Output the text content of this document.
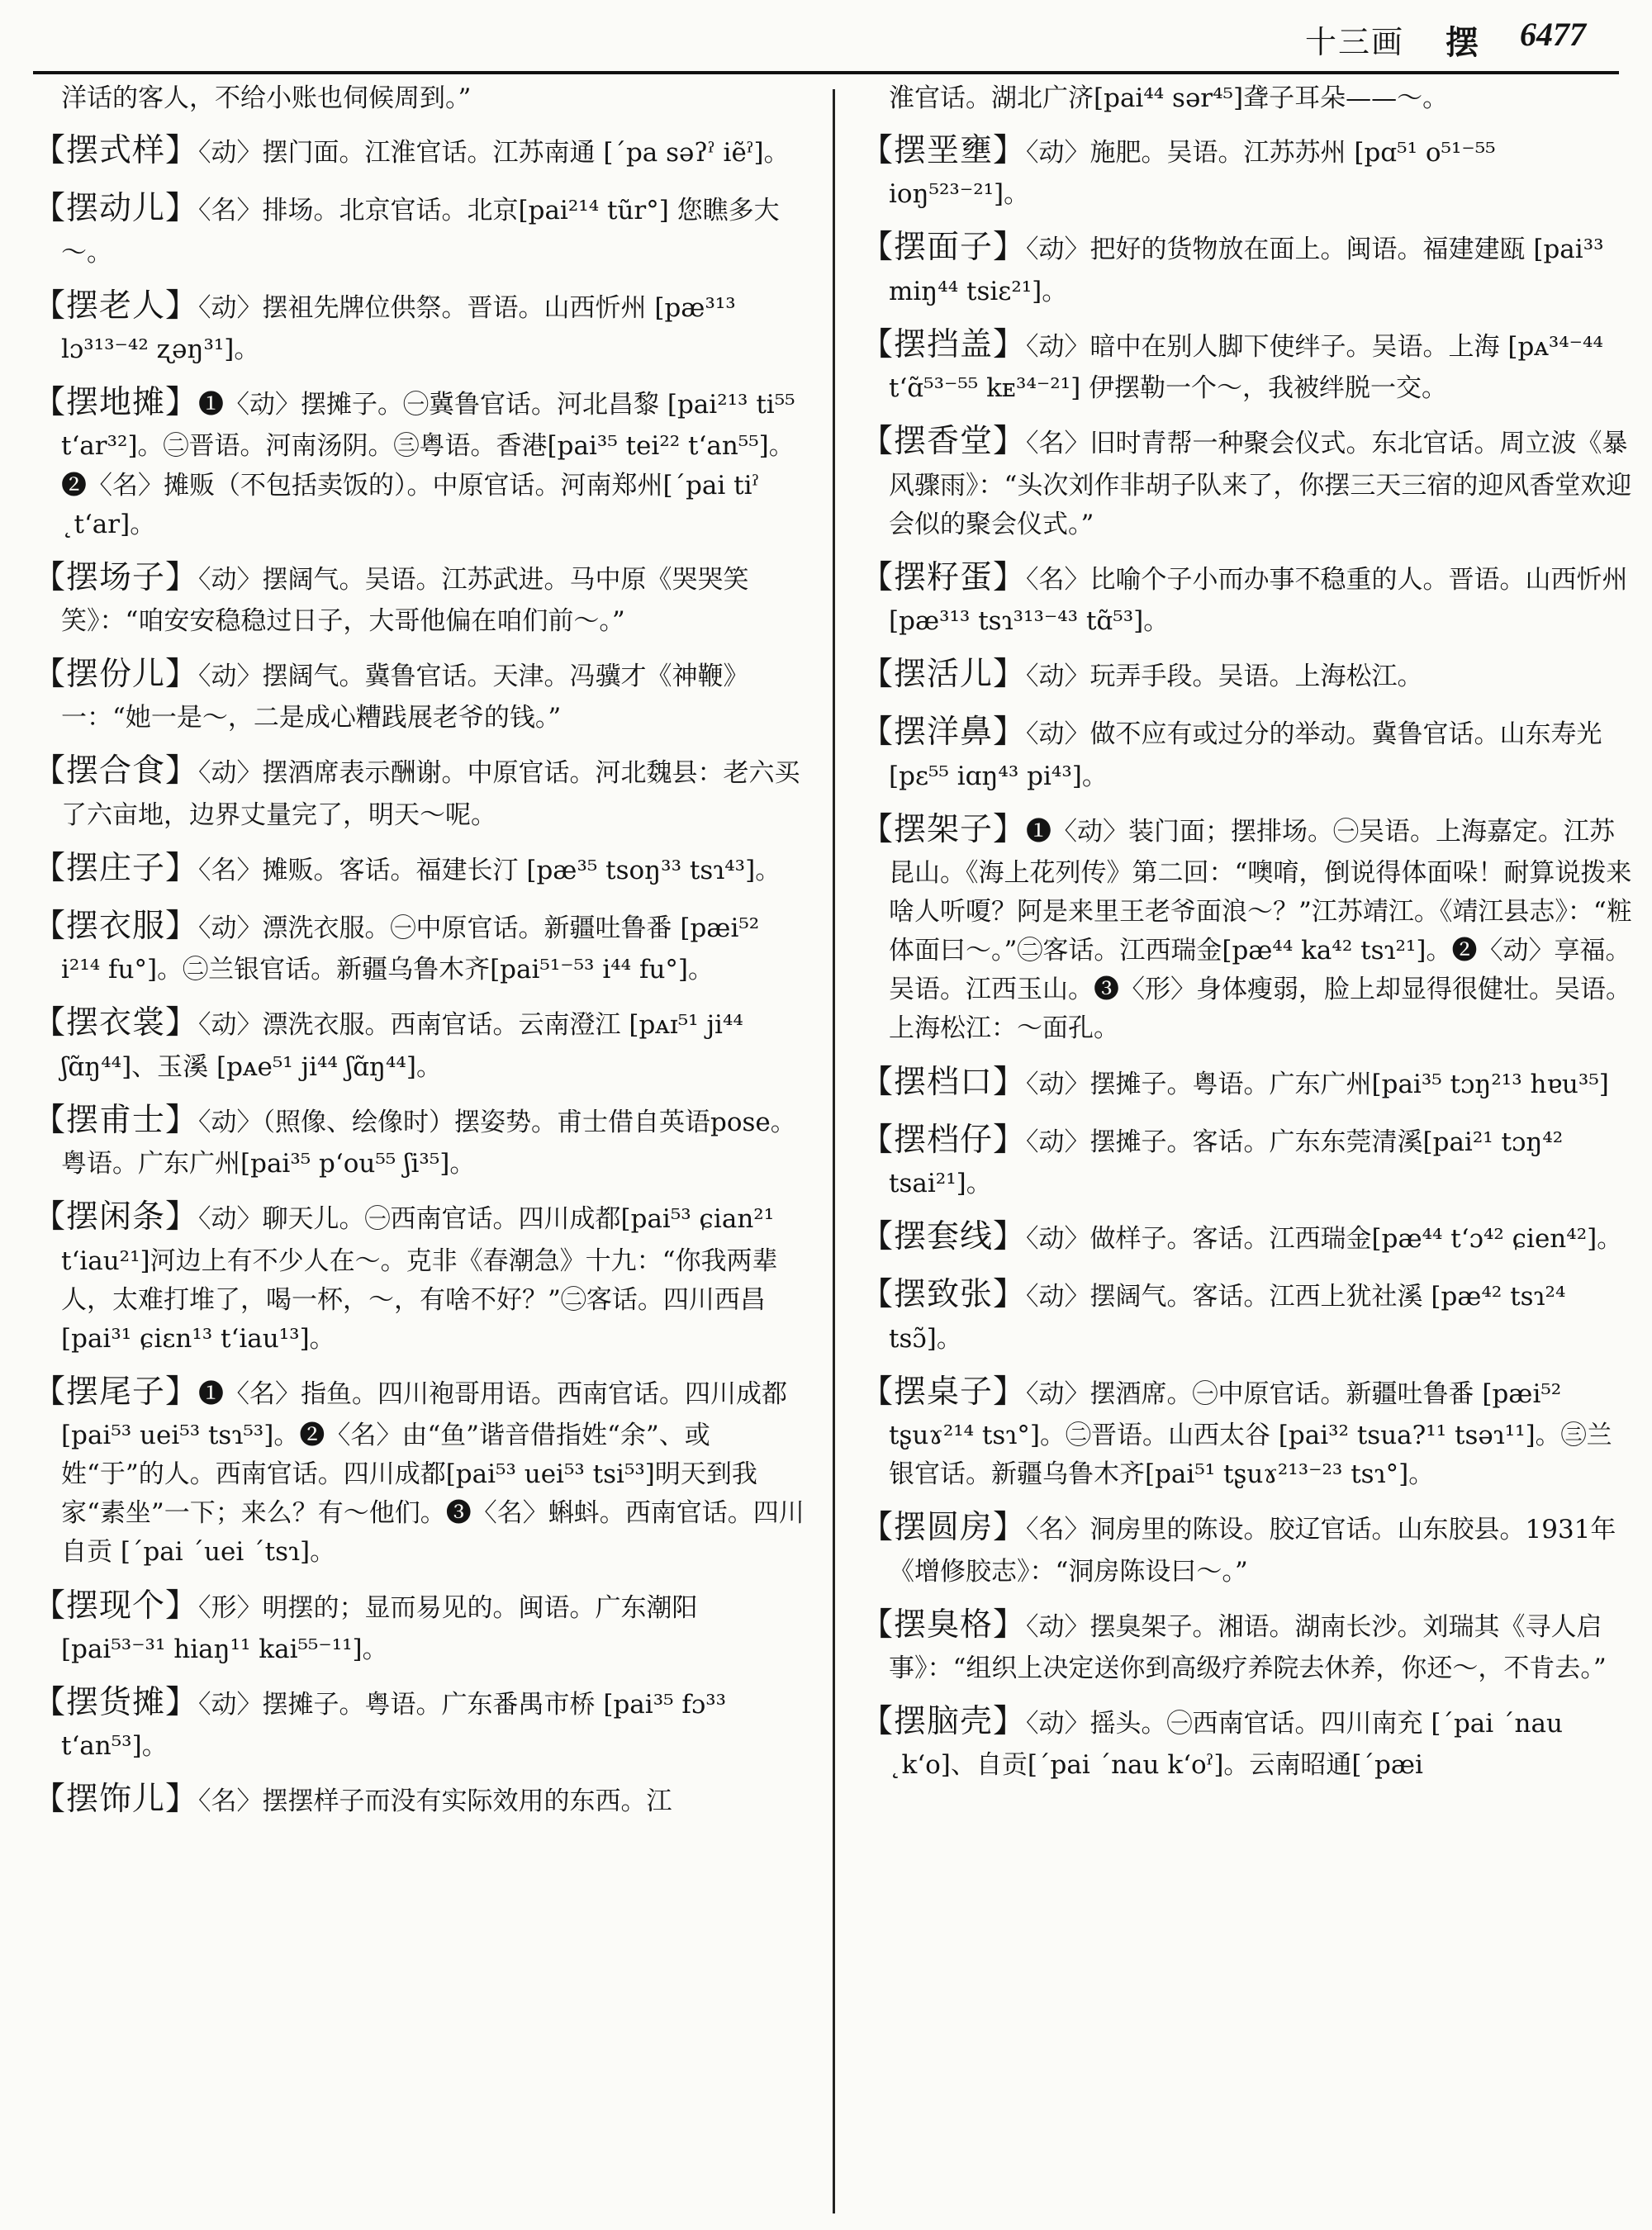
十三画 摆 6477
洋话的客人，不给小账也伺候周到。”

【摆式样】〈动〉摆门面。江淮官话。江苏南通 [ˊpa səʔˀ iẽˀ]。

【摆动儿】〈名〉排场。北京官话。北京[pai²¹⁴ tũr°] 您瞧多大～。

【摆老人】〈动〉摆祖先牌位供祭。晋语。山西忻州 [pæ³¹³ lɔ³¹³⁻⁴² ʐəŋ³¹]。

【摆地摊】❶〈动〉摆摊子。㊀冀鲁官话。河北昌黎 [pai²¹³ ti⁵⁵ tʻar³²]。㊁晋语。河南汤阴。㊂粤语。香港[pai³⁵ tei²² tʻan⁵⁵]。❷〈名〉摊贩（不包括卖饭的）。中原官话。河南郑州[ˊpai tiˀ ˛tʻar]。

【摆场子】〈动〉摆阔气。吴语。江苏武进。马中原《哭哭笑笑》：“咱安安稳稳过日子，大哥他偏在咱们前～。”

【摆份儿】〈动〉摆阔气。冀鲁官话。天津。冯骥才《神鞭》一：“她一是～，二是成心糟践展老爷的钱。”

【摆合食】〈动〉摆酒席表示酬谢。中原官话。河北魏县：老六买了六亩地，边界丈量完了，明天～呢。

【摆庄子】〈名〉摊贩。客话。福建长汀 [pæ³⁵ tsoŋ³³ tsɿ⁴³]。

【摆衣服】〈动〉漂洗衣服。㊀中原官话。新疆吐鲁番 [pæi⁵² i²¹⁴ fu°]。㊁兰银官话。新疆乌鲁木齐[pai⁵¹⁻⁵³ i⁴⁴ fu°]。

【摆衣裳】〈动〉漂洗衣服。西南官话。云南澄江 [pᴀɪ⁵¹ ji⁴⁴ ʃɑ̃ŋ⁴⁴]、玉溪 [pᴀe⁵¹ ji⁴⁴ ʃɑ̃ŋ⁴⁴]。

【摆甫士】〈动〉（照像、绘像时）摆姿势。甫士借自英语pose。粤语。广东广州[pai³⁵ pʻou⁵⁵ ʃi³⁵]。

【摆闲条】〈动〉聊天儿。㊀西南官话。四川成都[pai⁵³ ɕian²¹ tʻiau²¹]河边上有不少人在～。克非《春潮急》十九：“你我两辈人，太难打堆了，喝一杯，～，有啥不好？”㊁客话。四川西昌[pai³¹ ɕiɛn¹³ tʻiau¹³]。

【摆尾子】❶〈名〉指鱼。四川袍哥用语。西南官话。四川成都[pai⁵³ uei⁵³ tsɿ⁵³]。❷〈名〉由“鱼”谐音借指姓“余”、或姓“于”的人。西南官话。四川成都[pai⁵³ uei⁵³ tsi⁵³]明天到我家“素坐”一下；来么？有～他们。❸〈名〉蝌蚪。西南官话。四川自贡 [ˊpai ˊuei ˊtsɿ]。

【摆现个】〈形〉明摆的；显而易见的。闽语。广东潮阳 [pai⁵³⁻³¹ hiaŋ¹¹ kai⁵⁵⁻¹¹]。

【摆货摊】〈动〉摆摊子。粤语。广东番禺市桥 [pai³⁵ fɔ³³ tʻan⁵³]。

【摆饰儿】〈名〉摆摆样子而没有实际效用的东西。江

淮官话。湖北广济[pai⁴⁴ sər⁴⁵]聋子耳朵——～。

【摆垩壅】〈动〉施肥。吴语。江苏苏州 [pɑ⁵¹ o⁵¹⁻⁵⁵ ioŋ⁵²³⁻²¹]。

【摆面子】〈动〉把好的货物放在面上。闽语。福建建瓯 [pai³³ miŋ⁴⁴ tsiɛ²¹]。

【摆挡盖】〈动〉暗中在别人脚下使绊子。吴语。上海 [pᴀ³⁴⁻⁴⁴ tʻɑ̃⁵³⁻⁵⁵ kᴇ³⁴⁻²¹] 伊摆勒一个～，我被绊脱一交。

【摆香堂】〈名〉旧时青帮一种聚会仪式。东北官话。周立波《暴风骤雨》：“头次刘作非胡子队来了，你摆三天三宿的迎风香堂欢迎会似的聚会仪式。”

【摆籽蛋】〈名〉比喻个子小而办事不稳重的人。晋语。山西忻州[pæ³¹³ tsɿ³¹³⁻⁴³ tɑ̃⁵³]。

【摆活儿】〈动〉玩弄手段。吴语。上海松江。

【摆洋鼻】〈动〉做不应有或过分的举动。冀鲁官话。山东寿光[pɛ⁵⁵ iɑŋ⁴³ pi⁴³]。

【摆架子】❶〈动〉装门面；摆排场。㊀吴语。上海嘉定。江苏昆山。《海上花列传》第二回：“噢唷，倒说得体面哚！耐算说拨来啥人听嗄？阿是来里王老爷面浪～？”江苏靖江。《靖江县志》：“粧体面曰～。”㊁客话。江西瑞金[pæ⁴⁴ ka⁴² tsɿ²¹]。❷〈动〉享福。吴语。江西玉山。❸〈形〉身体瘦弱，脸上却显得很健壮。吴语。上海松江：～面孔。

【摆档口】〈动〉摆摊子。粤语。广东广州[pai³⁵ tɔŋ²¹³ hɐu³⁵]

【摆档仔】〈动〉摆摊子。客话。广东东莞清溪[pai²¹ tɔŋ⁴² tsai²¹]。

【摆套线】〈动〉做样子。客话。江西瑞金[pæ⁴⁴ tʻɔ⁴² ɕien⁴²]。

【摆致张】〈动〉摆阔气。客话。江西上犹社溪 [pæ⁴² tsɿ²⁴ tsɔ̃]。

【摆桌子】〈动〉摆酒席。㊀中原官话。新疆吐鲁番 [pæi⁵² tʂuɤ²¹⁴ tsɿ°]。㊁晋语。山西太谷 [pai³² tsua?¹¹ tsəɿ¹¹]。㊂兰银官话。新疆乌鲁木齐[pai⁵¹ tʂuɤ²¹³⁻²³ tsɿ°]。

【摆圆房】〈名〉洞房里的陈设。胶辽官话。山东胶县。1931年《增修胶志》：“洞房陈设曰～。”

【摆臭格】〈动〉摆臭架子。湘语。湖南长沙。刘瑞其《寻人启事》：“组织上决定送你到高级疗养院去休养，你还～，不肯去。”

【摆脑壳】〈动〉摇头。㊀西南官话。四川南充 [ˊpai ˊnau ˛kʻo]、自贡[ˊpai ˊnau kʻoˀ]。云南昭通[ˊpæi
